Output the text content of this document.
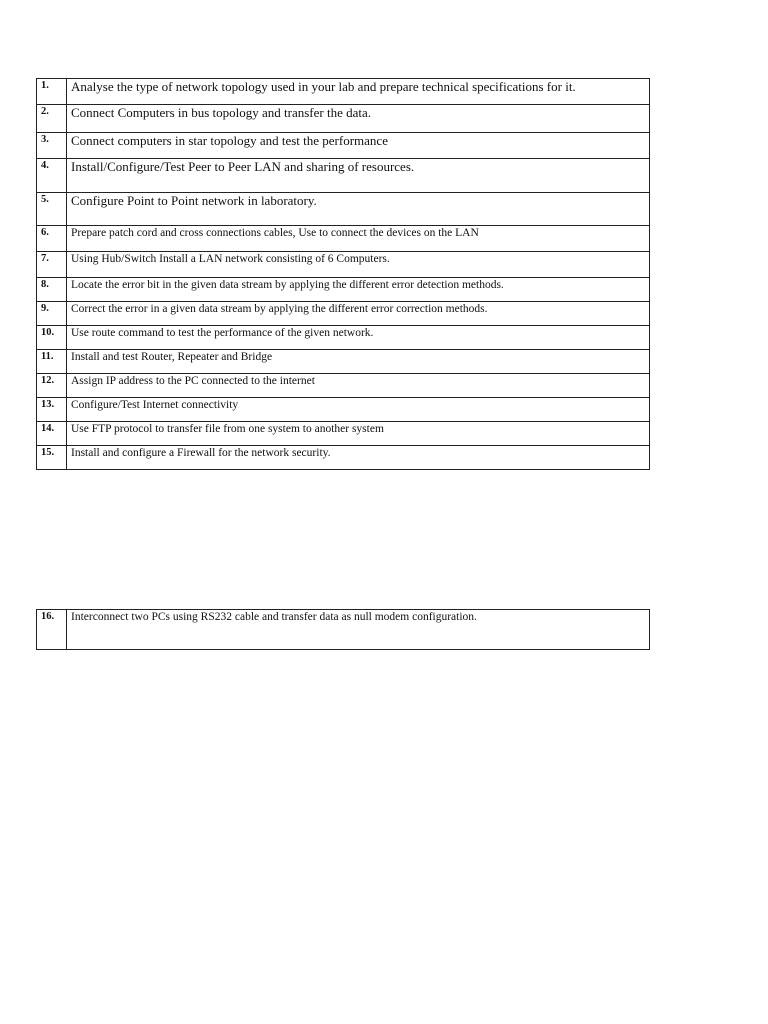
1.	Analyse the type of network topology used in your lab and prepare technical specifications for it.
2.	Connect Computers in bus topology and transfer the data.
3.	Connect computers in star topology and test the performance
4.	Install/Configure/Test Peer to Peer LAN and sharing of resources.
5.	Configure Point to Point network in laboratory.
6.	Prepare patch cord and cross connections cables, Use to connect the devices on the LAN
7.	Using Hub/Switch Install a LAN network consisting of 6 Computers.
8.	Locate the error bit in the given data stream by applying the different error detection methods.
9.	Correct the error in a given data stream by applying the different error correction methods.
10.	Use route command to test the performance of the given network.
11.	Install and test Router, Repeater and Bridge
12.	Assign IP address to the PC connected to the internet
13.	Configure/Test Internet connectivity
14.	Use FTP protocol to transfer file from one system to another system
15.	Install and configure a Firewall for the network security.
16.	Interconnect two PCs using RS232 cable and transfer data as null modem configuration.
